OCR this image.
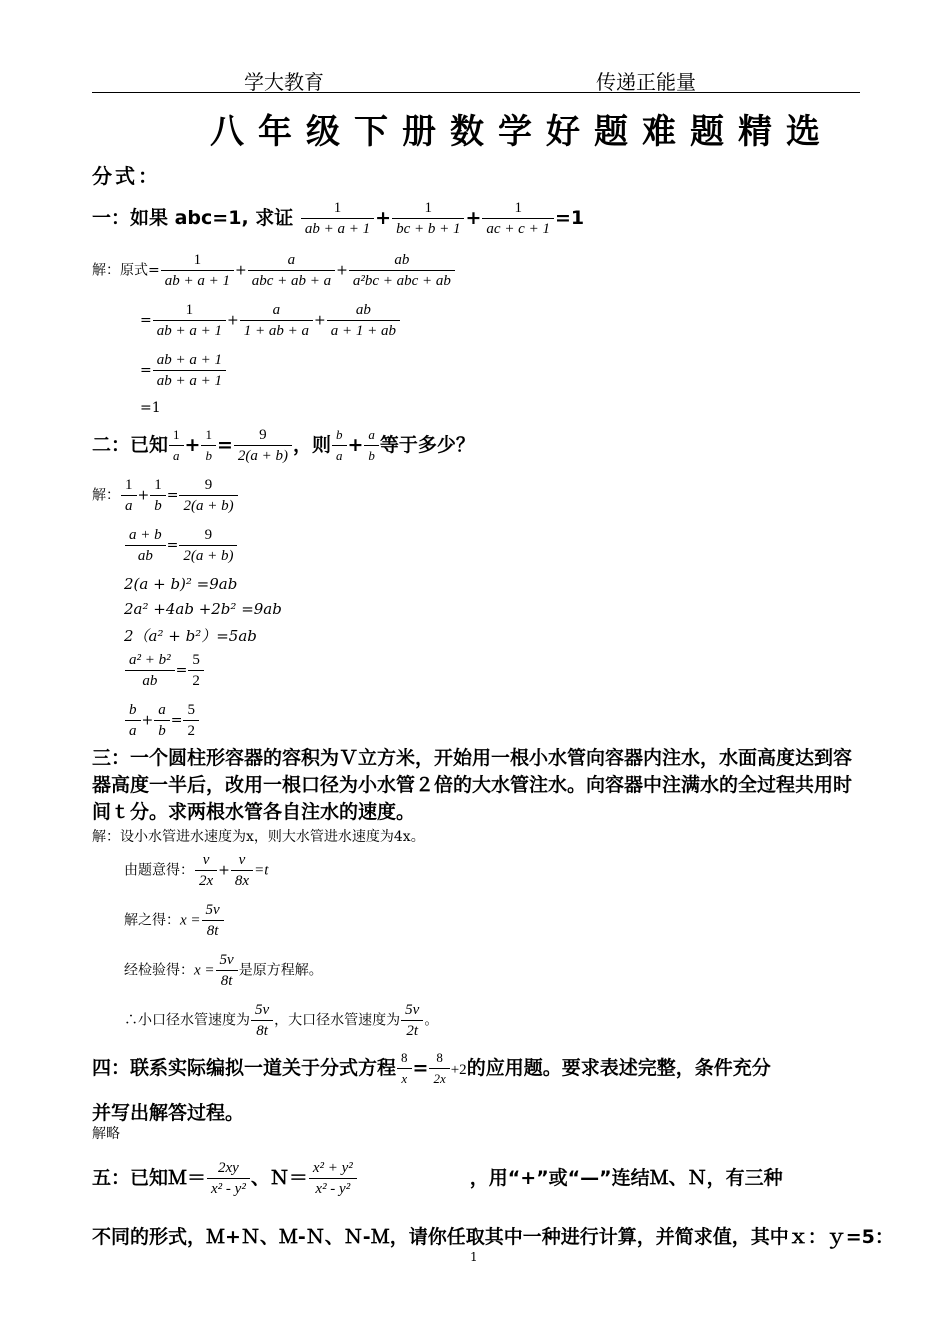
学大教育	传递正能量
八年级下册数学好题难题精选
分式：
一：如果 abc=1, 求证 $\frac{1}{ab + a + 1} + \frac{1}{bc + b + 1} + \frac{1}{ac + c + 1} =1$
解：原式= $\frac{1}{ab + a + 1} + \frac{a}{\text{abc + ab + a}} + \frac{ab}{\text{a²bc + abc + ab}}$
= $\frac{1}{ab + a + 1} + \frac{a}{1 + ab + a} + \frac{ab}{a + 1 + ab}$
= $\frac{ab + a + 1}{ab + a + 1}$
=1
二：已知 $\frac{1}{a} + \frac{1}{b} = \frac{9}{2(a + b)}$ ，则 $\frac{b}{a} + \frac{a}{b}$ 等于多少？
解： $\frac{1}{a} + \frac{1}{b} = \frac{9}{2(a + b)}$
$\frac{a + b}{ab} = \frac{9}{2(a + b)}$
2(a + b)² =9ab
2a² +4ab +2b² =9ab
2（a² + b²）=5ab
$\frac{\text{a² + b²}}{ab} = \frac{5}{2}$
$\frac{b}{a} + \frac{a}{b} = \frac{5}{2}$
三：一个圆柱形容器的容积为Ｖ立方米，开始用一根小水管向容器内注水，水面高度达到容器高度一半后，改用一根口径为小水管２倍的大水管注水。向容器中注满水的全过程共用时间ｔ分。求两根水管各自注水的速度。
解：设小水管进水速度为x，则大水管进水速度为4x。
由题意得： $\frac{v}{2x} + \frac{v}{8x} =t$
解之得：$x = \frac{5v}{8t}$
经检验得：$x = \frac{5v}{8t}$ 是原方程解。
∴小口径水管速度为 $\frac{5v}{8t}$ ，大口径水管速度为 $\frac{5v}{2t}$ 。
四：联系实际编拟一道关于分式方程 $\frac{8}{x} = \frac{8}{2x} +2$的应用题。要求表述完整，条件充分
并写出解答过程。
解略
五：已知Ｍ＝ $\frac{2xy}{\text{x² - y²}}$ 、Ｎ＝ $\frac{\text{x² + y²}}{\text{x² - y²}}$	，用“+”或“—”连结Ｍ、Ｎ，有三种
不同的形式，Ｍ+Ｎ、Ｍ-Ｎ、Ｎ-Ｍ，请你任取其中一种进行计算，并简求值，其中ｘ：ｙ=5：
1
